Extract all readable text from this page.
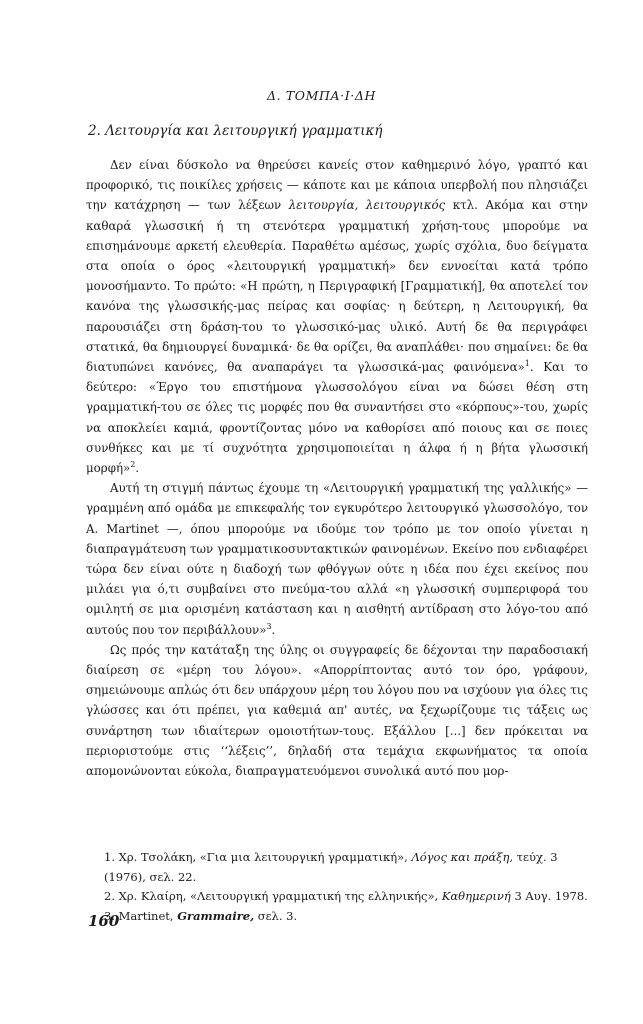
Δ. ΤΟΜΠΑ·Ι·ΔΗ
2. Λειτουργία και λειτουργική γραμματική

Δεν είναι δύσκολο να θηρεύσει κανείς στον καθημερινό λόγο, γραπτό και προφορικό, τις ποικίλες χρήσεις — κάποτε και με κάποια υπερβολή που πλησιάζει την κατάχρηση — των λέξεων λειτουργία, λειτουργικός κτλ. Ακόμα και στην καθαρά γλωσσική ή τη στενότερα γραμματική χρήση-τους μπορούμε να επισημάνουμε αρκετή ελευθερία. Παραθέτω αμέσως, χωρίς σχόλια, δυο δείγματα στα οποία ο όρος «λειτουργική γραμματική» δεν εννοείται κατά τρόπο μονοσήμαντο. Το πρώτο: «Η πρώτη, η Περιγραφική [Γραμματική], θα αποτελεί τον κανόνα της γλωσσικής-μας πείρας και σοφίας· η δεύτερη, η Λειτουργική, θα παρουσιάζει στη δράση-του το γλωσσικό-μας υλικό. Αυτή δε θα περιγράφει στατικά, θα δημιουργεί δυναμικά· δε θα ορίζει, θα αναπλάθει· που σημαίνει: δε θα διατυπώνει κανόνες, θα αναπαράγει τα γλωσσικά-μας φαινόμενα»$^1$. Και το δεύτερο: «Έργο του επιστήμονα γλωσσολόγου είναι να δώσει θέση στη γραμματική-του σε όλες τις μορφές που θα συναντήσει στο «κόρπους»-του, χωρίς να αποκλείει καμιά, φροντίζοντας μόνο να καθορίσει από ποιους και σε ποιες συνθήκες και με τί συχνότητα χρησιμοποιείται η άλφα ή η βήτα γλωσσική μορφή»$^2$.

Αυτή τη στιγμή πάντως έχουμε τη «Λειτουργική γραμματική της γαλλικής» — γραμμένη από ομάδα με επικεφαλής τον εγκυρότερο λειτουργικό γλωσσολόγο, τον A. Martinet —, όπου μπορούμε να ιδούμε τον τρόπο με τον οποίο γίνεται η διαπραγμάτευση των γραμματικοσυντακτικών φαινομένων. Εκείνο που ενδιαφέρει τώρα δεν είναι ούτε η διαδοχή των φθόγγων ούτε η ιδέα που έχει εκείνος που μιλάει για ό,τι συμβαίνει στο πνεύμα-του αλλά «η γλωσσική συμπεριφορά του ομιλητή σε μια ορισμένη κατάσταση και η αισθητή αντίδραση στο λόγο-του από αυτούς που τον περιβάλλουν»$^3$.

Ως πρός την κατάταξη της ύλης οι συγγραφείς δε δέχονται την παραδοσιακή διαίρεση σε «μέρη του λόγου». «Απορρίπτοντας αυτό τον όρο, γράφουν, σημειώνουμε απλώς ότι δεν υπάρχουν μέρη του λόγου που να ισχύουν για όλες τις γλώσσες και ότι πρέπει, για καθεμιά απ' αυτές, να ξεχωρίζουμε τις τάξεις ως συνάρτηση των ιδιαίτερων ομοιοτήτων-τους. Εξάλλου [...] δεν πρόκειται να περιοριστούμε στις ‘‘λέξεις’’, δηλαδή στα τεμάχια εκφωνήματος τα οποία απομονώνονται εύκολα, διαπραγματευόμενοι συνολικά αυτό που μορ-

1. Χρ. Τσολάκη, «Για μια λειτουργική γραμματική», Λόγος και πράξη, τεύχ. 3 (1976), σελ. 22.

2. Χρ. Κλαίρη, «Λειτουργική γραμματική της ελληνικής», Καθημερινή 3 Αυγ. 1978.

3. Martinet, Grammaire, σελ. 3.

160
